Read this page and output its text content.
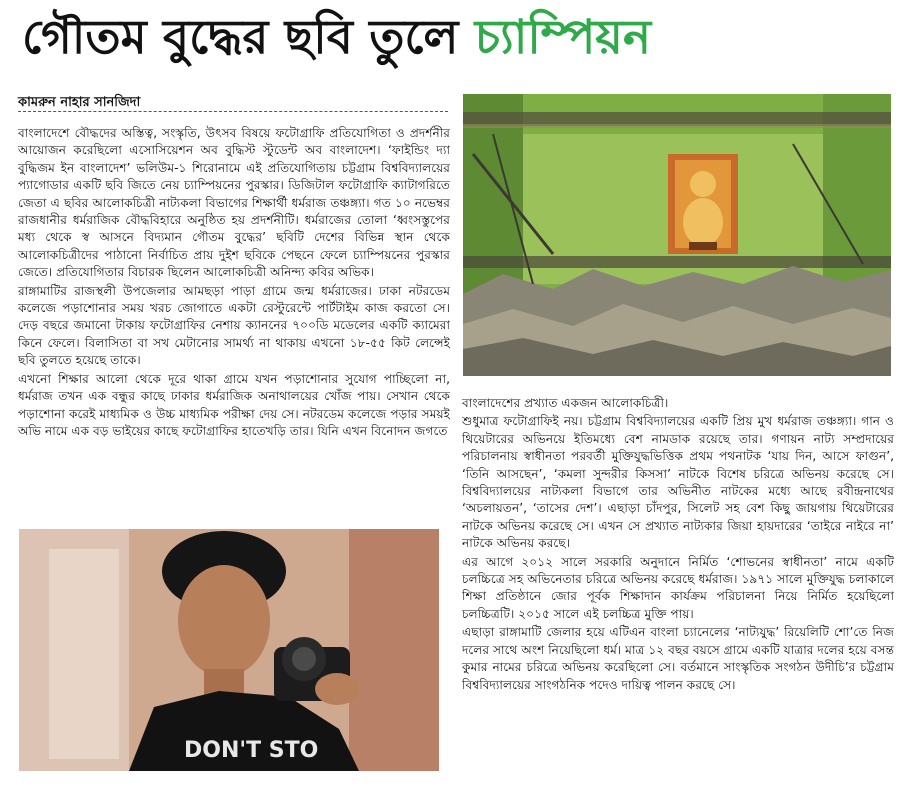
গৌতম বুদ্ধের ছবি তুলে চ্যাম্পিয়ন
কামরুন নাহার সানজিদা

বাংলাদেশে বৌদ্ধদের অস্তিত্ব, সংস্কৃতি, উৎসব বিষয়ে ফটোগ্রাফি প্রতিযোগিতা ও প্রদর্শনীর আয়োজন করেছিলো এসোসিয়েশন অব বুদ্ধিস্ট স্টুডেন্ট অব বাংলাদেশ। ‘ফাইন্ডিং দ্যা বুদ্ধিজম ইন বাংলাদেশ’ ভলিউম-১ শিরোনামে এই প্রতিযোগিতায় চট্টগ্রাম বিশ্ববিদ্যালয়ের প্যাগোডার একটি ছবি জিতে নেয় চ্যাম্পিয়নের পুরস্কার। ডিজিটাল ফটোগ্রাফি ক্যাটাগরিতে জেতা এ ছবির আলোকচিত্রী নাট্যকলা বিভাগের শিক্ষার্থী ধর্মরাজ তঞ্চঙ্গ্যা। গত ১০ নভেম্বর রাজধানীর ধর্মরাজিক বৌদ্ধবিহারে অনুষ্ঠিত হয় প্রদর্শনীটি। ধর্মরাজের তোলা ‘ধ্বংসস্তুপের মধ্য থেকে স্ব আসনে বিদ্যমান গৌতম বুদ্ধের’ ছবিটি দেশের বিভিন্ন স্থান থেকে আলোকচিত্রীদের পাঠানো নির্বাচিত প্রায় দুইশ ছবিকে পেছনে ফেলে চ্যাম্পিয়নের পুরস্কার জেতে। প্রতিযোগিতার বিচারক ছিলেন আলোকচিত্রী অনিন্দ্য কবির অভিক।

রাঙ্গামাটির রাজস্থলী উপজেলার আমছড়া পাড়া গ্রামে জন্ম ধর্মরাজের। ঢাকা নটরডেম কলেজে পড়াশোনার সময় খরচ জোগাতে একটা রেস্টুরেন্টে পার্টটাইম কাজ করতো সে। দেড় বছরে জমানো টাকায় ফটোগ্রাফির নেশায় ক্যাননের ৭০০ডি মডেলের একটি ক্যামেরা কিনে ফেলে। বিলাসিতা বা সখ মেটানোর সামর্থ্য না থাকায় এখনো ১৮-৫৫ কিট লেন্সেই ছবি তুলতে হয়েছে তাকে।

এখনো শিক্ষার আলো থেকে দূরে থাকা গ্রামে যখন পড়াশোনার সুযোগ পাচ্ছিলো না, ধর্মরাজ তখন এক বন্ধুর কাছে ঢাকার ধর্মরাজিক অনাথালয়ের খোঁজ পায়। সেখান থেকে পড়াশোনা করেই মাধ্যমিক ও উচ্চ মাধ্যমিক পরীক্ষা দেয় সে। নটরডেম কলেজে পড়ার সময়ই অভি নামে এক বড় ভাইয়ের কাছে ফটোগ্রাফির হাতেখড়ি তার। যিনি এখন বিনোদন জগতে

বাংলাদেশের প্রখ্যাত একজন আলোকচিত্রী।

শুধুমাত্র ফটোগ্রাফিই নয়। চট্টগ্রাম বিশ্ববিদ্যালয়ের একটি প্রিয় মুখ ধর্মরাজ তঞ্চঙ্গ্যা। গান ও থিয়েটারের অভিনয়ে ইতিমধ্যে বেশ নামডাক রয়েছে তার। গণায়ন নাট্য সম্প্রদায়ের পরিচালনায় স্বাধীনতা পরবর্তী মুক্তিযুদ্ধভিত্তিক প্রথম পথনাটক ‘যায় দিন, আসে ফাগুন’, ‘তিনি আসছেন’, ‘কমলা সুন্দরীর কিসসা’ নাটকে বিশেষ চরিত্রে অভিনয় করেছে সে। বিশ্ববিদ্যালয়ের নাট্যকলা বিভাগে তার অভিনীত নাটকের মধ্যে আছে রবীন্দ্রনাথের ‘অচলায়তন’, ‘তাসের দেশ’। এছাড়া চাঁদপুর, সিলেট সহ বেশ কিছু জায়গায় থিয়েটারের নাটকে অভিনয় করেছে সে। এখন সে প্রখ্যাত নাট্যকার জিয়া হায়দারের ‘তাইরে নাইরে না’ নাটকে অভিনয় করছে।

এর আগে ২০১২ সালে সরকারি অনুদানে নির্মিত ‘শোভনের স্বাধীনতা’ নামে একটি চলচ্চিত্রে সহ অভিনেতার চরিত্রে অভিনয় করেছে ধর্মরাজ। ১৯৭১ সালে মুক্তিযুদ্ধ চলাকালে শিক্ষা প্রতিষ্ঠানে জোর পূর্বক শিক্ষাদান কার্যক্রম পরিচালনা নিয়ে নির্মিত হয়েছিলো চলচ্চিত্রটি। ২০১৫ সালে এই চলচ্চিত্র মুক্তি পায়।

এছাড়া রাঙ্গামাটি জেলার হয়ে এটিএন বাংলা চ্যানেলের ‘নাট্যযুদ্ধ’ রিয়েলিটি শো’তে নিজ দলের সাথে অংশ নিয়েছিলো ধর্ম। মাত্র ১২ বছর বয়সে গ্রামে একটি যাত্রার দলের হয়ে বসন্ত কুমার নামের চরিত্রে অভিনয় করেছিলো সে। বর্তমানে সাংস্কৃতিক সংগঠন উদীচি’র চট্টগ্রাম বিশ্ববিদ্যালয়ের সাংগঠনিক পদেও দায়িত্ব পালন করছে সে।

DON'T STO
